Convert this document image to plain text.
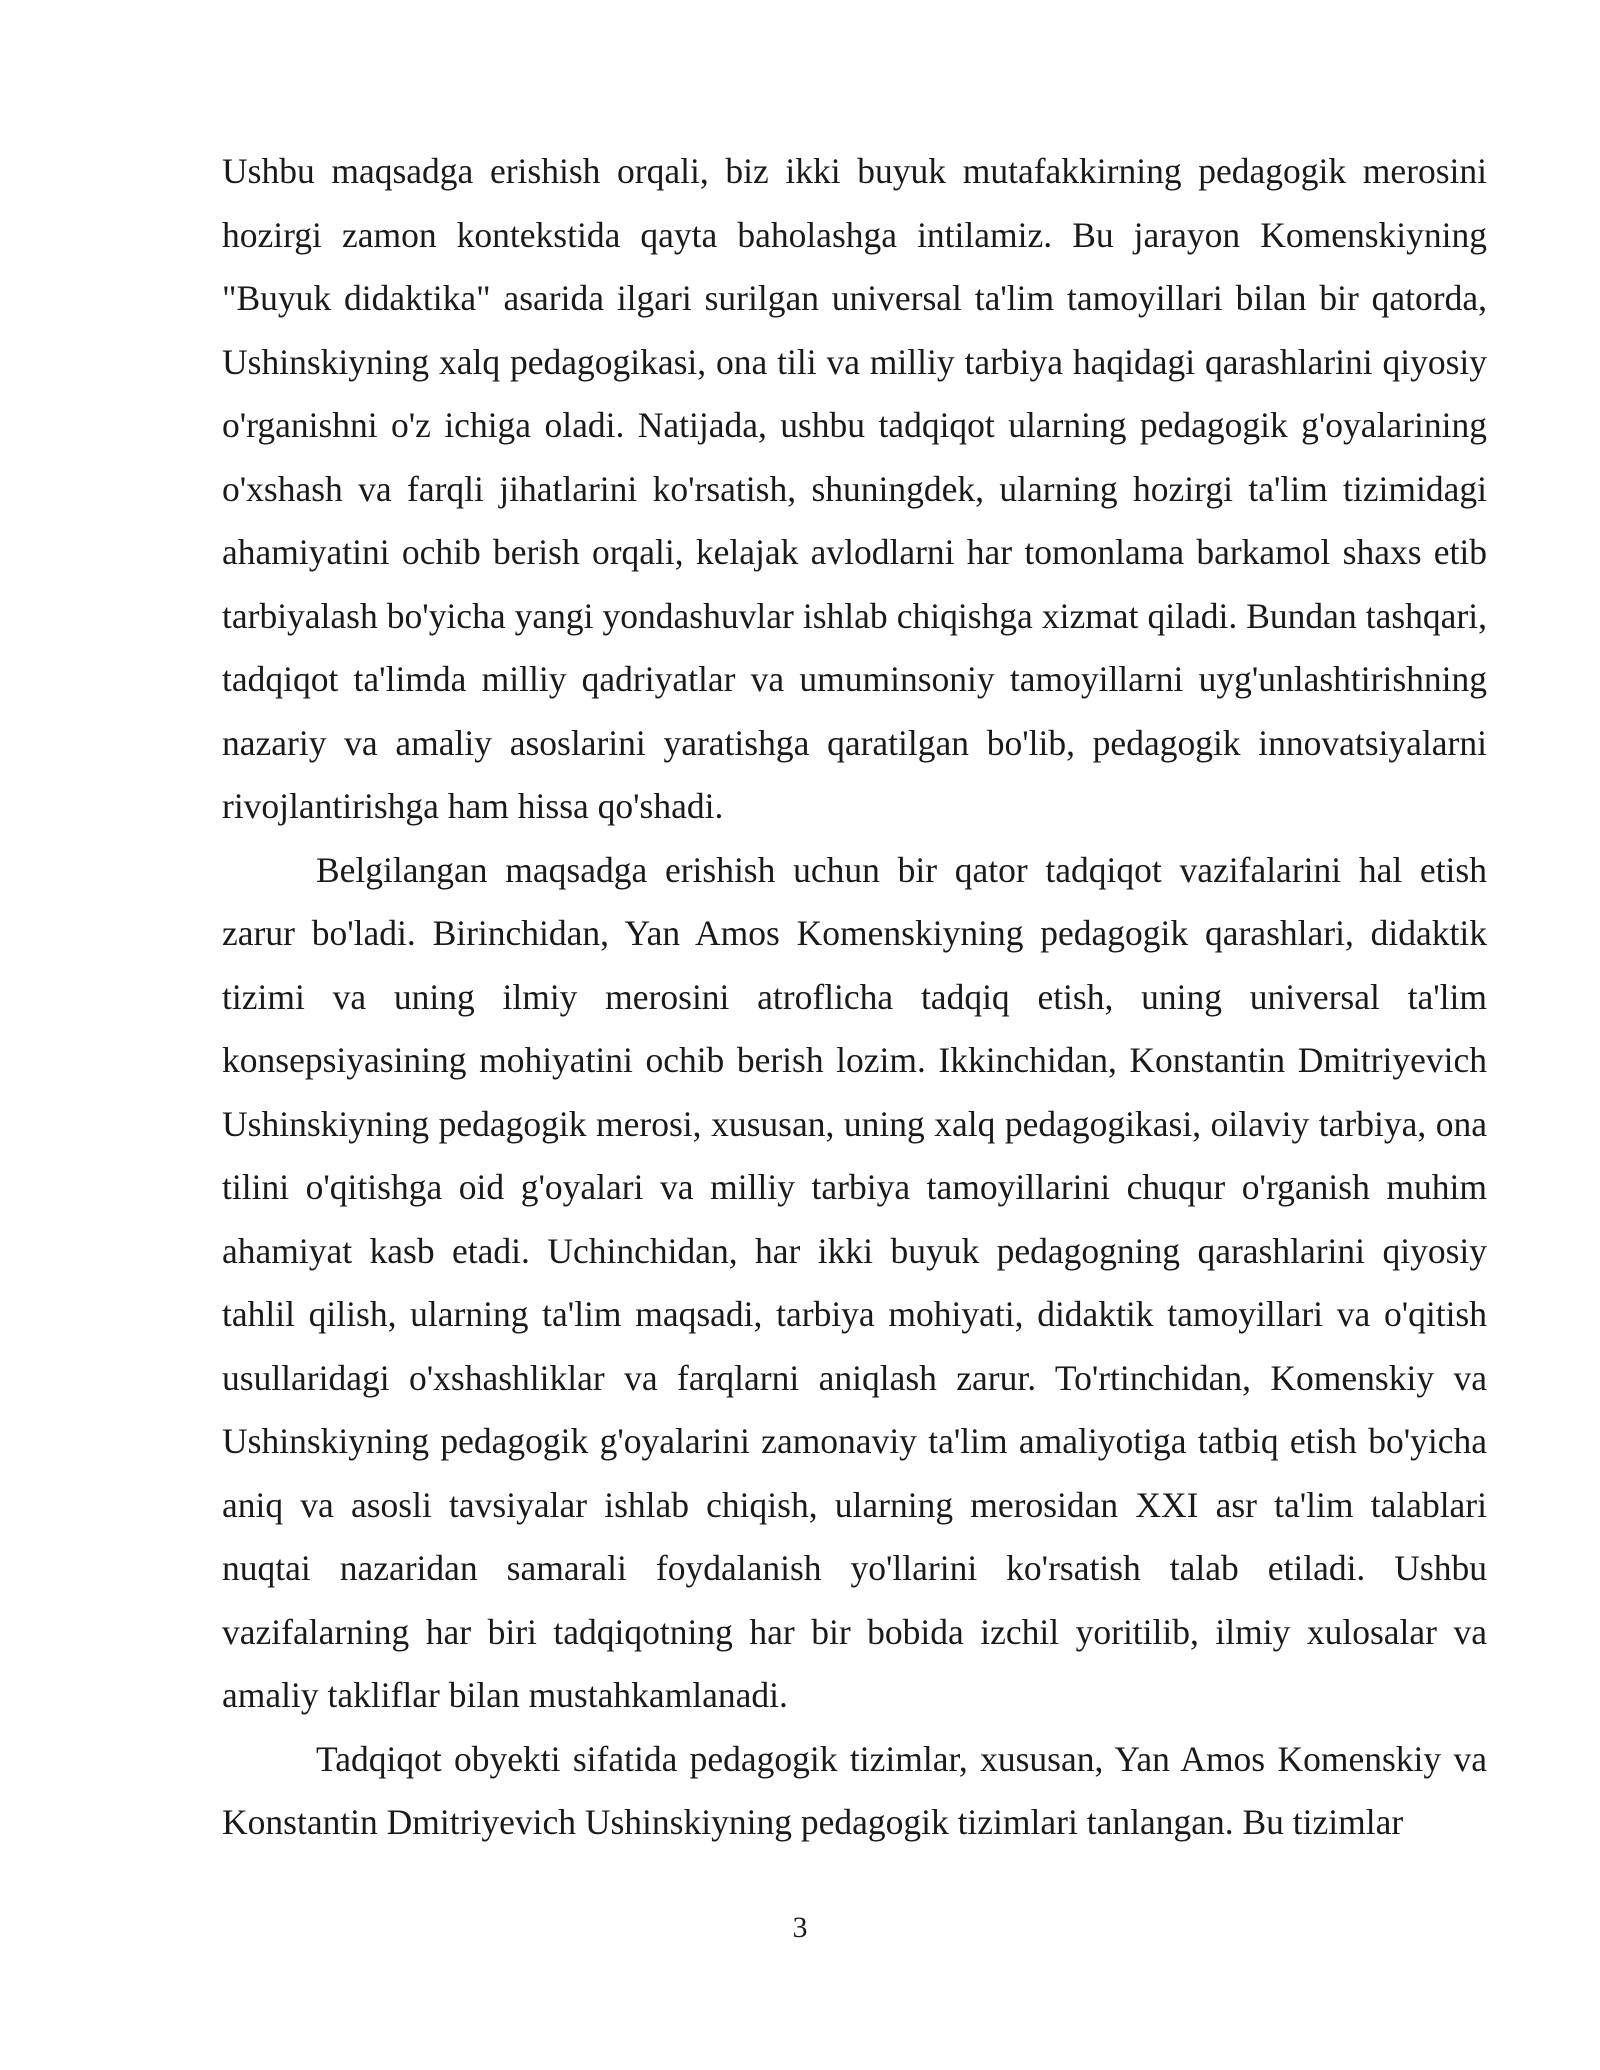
Ushbu maqsadga erishish orqali, biz ikki buyuk mutafakkirning pedagogik merosini hozirgi zamon kontekstida qayta baholashga intilamiz. Bu jarayon Komenskiyning "Buyuk didaktika" asarida ilgari surilgan universal ta'lim tamoyillari bilan bir qatorda, Ushinskiyning xalq pedagogikasi, ona tili va milliy tarbiya haqidagi qarashlarini qiyosiy o'rganishni o'z ichiga oladi. Natijada, ushbu tadqiqot ularning pedagogik g'oyalarining o'xshash va farqli jihatlarini ko'rsatish, shuningdek, ularning hozirgi ta'lim tizimidagi ahamiyatini ochib berish orqali, kelajak avlodlarni har tomonlama barkamol shaxs etib tarbiyalash bo'yicha yangi yondashuvlar ishlab chiqishga xizmat qiladi. Bundan tashqari, tadqiqot ta'limda milliy qadriyatlar va umuminsoniy tamoyillarni uyg'unlashtirishning nazariy va amaliy asoslarini yaratishga qaratilgan bo'lib, pedagogik innovatsiyalarni rivojlantirishga ham hissa qo'shadi.

Belgilangan maqsadga erishish uchun bir qator tadqiqot vazifalarini hal etish zarur bo'ladi. Birinchidan, Yan Amos Komenskiyning pedagogik qarashlari, didaktik tizimi va uning ilmiy merosini atroflicha tadqiq etish, uning universal ta'lim konsepsiyasining mohiyatini ochib berish lozim. Ikkinchidan, Konstantin Dmitriyevich Ushinskiyning pedagogik merosi, xususan, uning xalq pedagogikasi, oilaviy tarbiya, ona tilini o'qitishga oid g'oyalari va milliy tarbiya tamoyillarini chuqur o'rganish muhim ahamiyat kasb etadi. Uchinchidan, har ikki buyuk pedagogning qarashlarini qiyosiy tahlil qilish, ularning ta'lim maqsadi, tarbiya mohiyati, didaktik tamoyillari va o'qitish usullaridagi o'xshashliklar va farqlarni aniqlash zarur. To'rtinchidan, Komenskiy va Ushinskiyning pedagogik g'oyalarini zamonaviy ta'lim amaliyotiga tatbiq etish bo'yicha aniq va asosli tavsiyalar ishlab chiqish, ularning merosidan XXI asr ta'lim talablari nuqtai nazaridan samarali foydalanish yo'llarini ko'rsatish talab etiladi. Ushbu vazifalarning har biri tadqiqotning har bir bobida izchil yoritilib, ilmiy xulosalar va amaliy takliflar bilan mustahkamlanadi.

Tadqiqot obyekti sifatida pedagogik tizimlar, xususan, Yan Amos Komenskiy va Konstantin Dmitriyevich Ushinskiyning pedagogik tizimlari tanlangan. Bu tizimlar

3
